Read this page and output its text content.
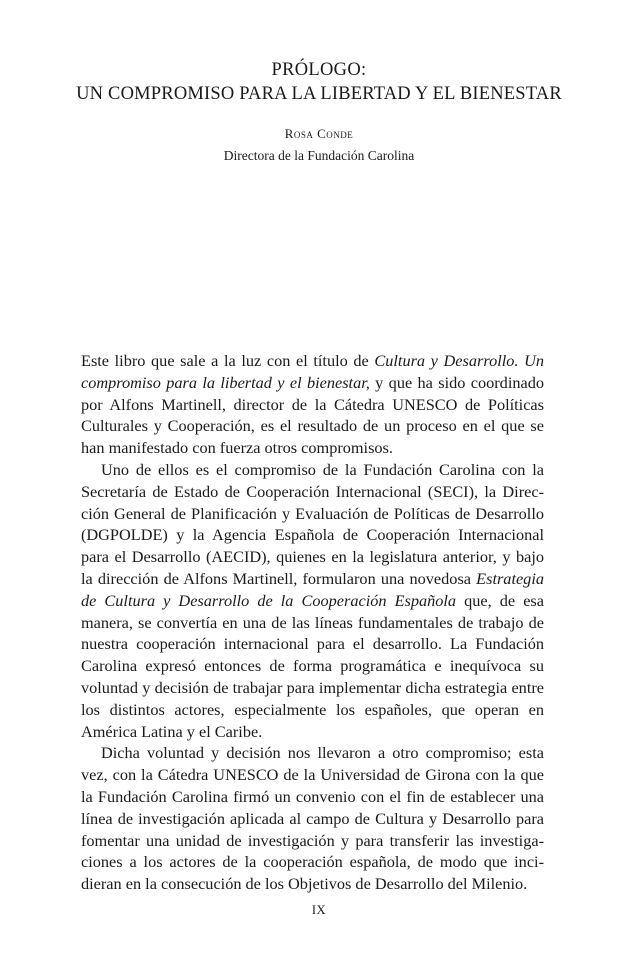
PRÓLOGO:
UN COMPROMISO PARA LA LIBERTAD Y EL BIENESTAR
Rosa Conde
Directora de la Fundación Carolina

Este libro que sale a la luz con el título de Cultura y Desarrollo. Un compromiso para la libertad y el bienestar, y que ha sido coordinado por Alfons Martinell, director de la Cátedra UNESCO de Políticas Culturales y Cooperación, es el resultado de un proceso en el que se han manifestado con fuerza otros compromisos.

Uno de ellos es el compromiso de la Fundación Carolina con la Secretaría de Estado de Cooperación Internacional (SECI), la Dirección General de Planificación y Evaluación de Políticas de Desarrollo (DGPOLDE) y la Agencia Española de Cooperación Internacional para el Desarrollo (AECID), quienes en la legislatura anterior, y bajo la dirección de Alfons Martinell, formularon una novedosa Estrategia de Cultura y Desarrollo de la Cooperación Española que, de esa manera, se convertía en una de las líneas fundamentales de trabajo de nuestra cooperación internacional para el desarrollo. La Fundación Carolina expresó entonces de forma programática e inequívoca su voluntad y decisión de trabajar para implementar dicha estrategia entre los distintos actores, especialmente los españoles, que operan en América Latina y el Caribe.

Dicha voluntad y decisión nos llevaron a otro compromiso; esta vez, con la Cátedra UNESCO de la Universidad de Girona con la que la Fundación Carolina firmó un convenio con el fin de establecer una línea de investigación aplicada al campo de Cultura y Desarrollo para fomentar una unidad de investigación y para transferir las investigaciones a los actores de la cooperación española, de modo que incidieran en la consecución de los Objetivos de Desarrollo del Milenio.

IX
